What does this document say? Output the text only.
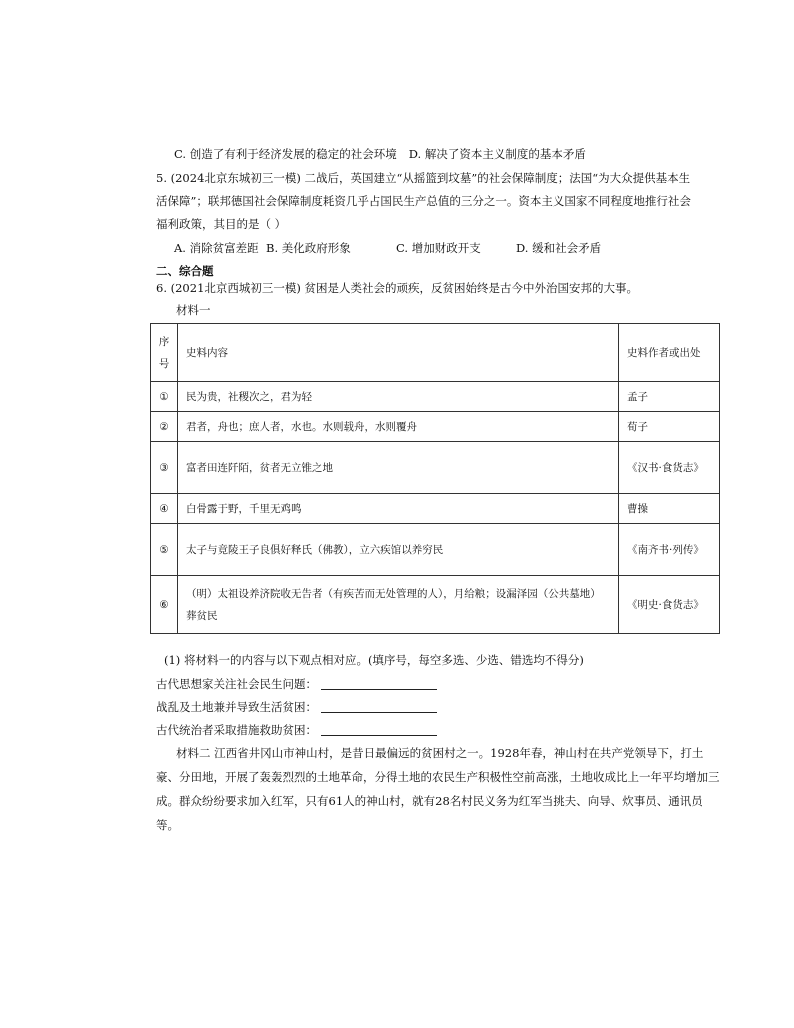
C. 创造了有利于经济发展的稳定的社会环境 D. 解决了资本主义制度的基本矛盾
5. (2024北京东城初三一模) 二战后，英国建立“从摇篮到坟墓”的社会保障制度；法国“为大众提供基本生
活保障”；联邦德国社会保障制度耗资几乎占国民生产总值的三分之一。资本主义国家不同程度地推行社会
福利政策，其目的是（ ）
A. 消除贫富差距 B. 美化政府形象	C. 增加财政开支	D. 缓和社会矛盾
二、综合题
6. (2021北京西城初三一模) 贫困是人类社会的顽疾，反贫困始终是古今中外治国安邦的大事。
材料一
序号	史料内容	史料作者或出处
①	民为贵，社稷次之，君为轻	孟子
②	君者，舟也；庶人者，水也。水则载舟，水则覆舟	荀子
③	富者田连阡陌，贫者无立锥之地	《汉书·食货志》

④	白骨露于野，千里无鸡鸣	曹操
⑤	太子与竟陵王子良俱好释氏（佛教），立六疾馆以养穷民	《南齐书·列传》

⑥	（明）太祖设养济院收无告者（有疾苦而无处管理的人），月给粮；设漏泽园（公共墓地）葬贫民	《明史·食货志》
(1) 将材料一的内容与以下观点相对应。(填序号，每空多选、少选、错选均不得分)
古代思想家关注社会民生问题：
战乱及土地兼并导致生活贫困：
古代统治者采取措施救助贫困：
材料二 江西省井冈山市神山村，是昔日最偏远的贫困村之一。1928年春，神山村在共产党领导下，打土豪、分田地，开展了轰轰烈烈的土地革命，分得土地的农民生产积极性空前高涨，土地收成比上一年平均增加三成。群众纷纷要求加入红军，只有61人的神山村，就有28名村民义务为红军当挑夫、向导、炊事员、通讯员等。
